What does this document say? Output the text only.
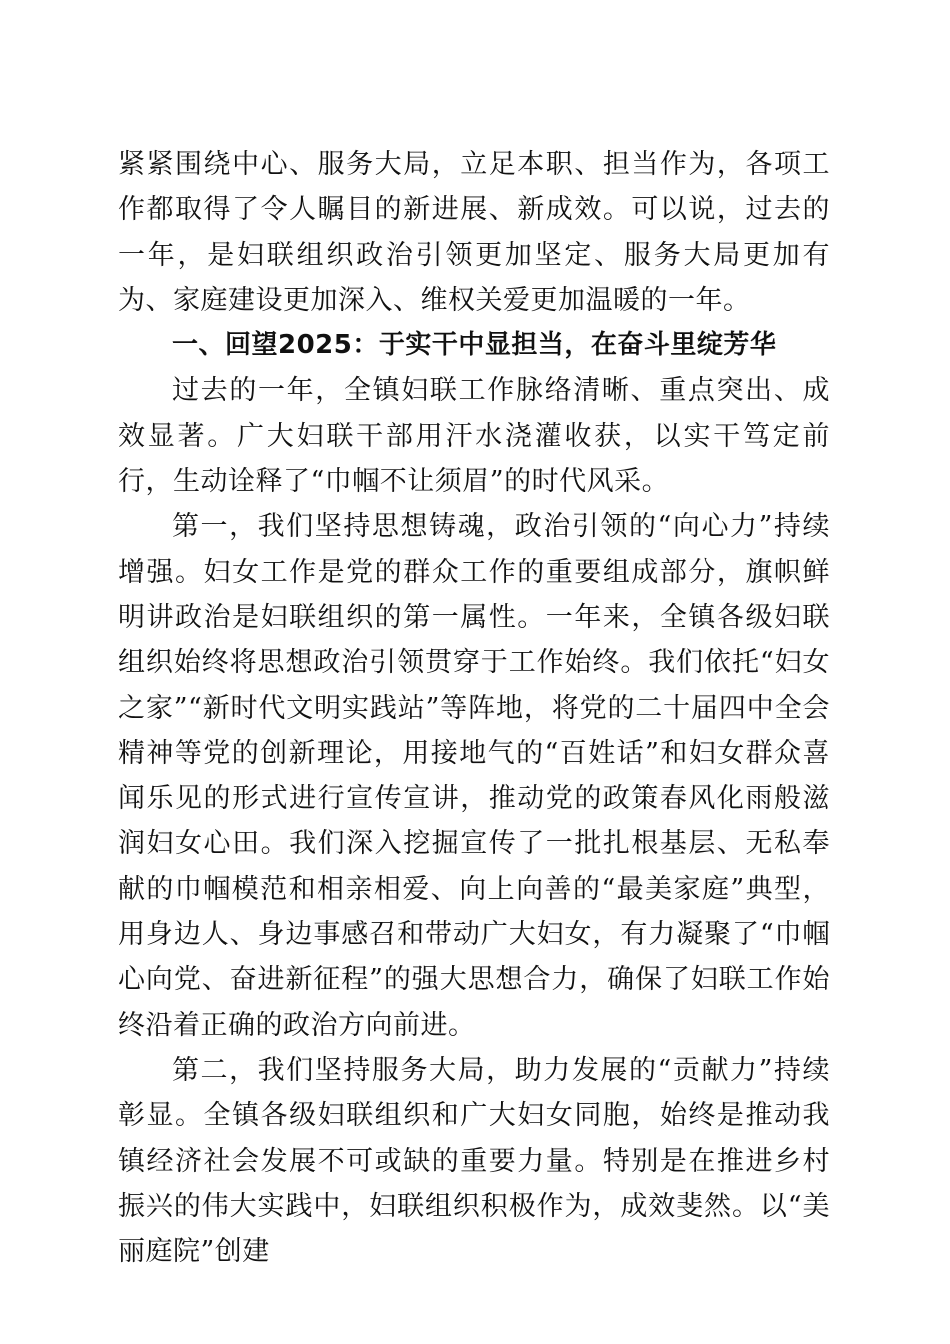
紧紧围绕中心、服务大局，立足本职、担当作为，各项工作都取得了令人瞩目的新进展、新成效。可以说，过去的一年，是妇联组织政治引领更加坚定、服务大局更加有为、家庭建设更加深入、维权关爱更加温暖的一年。

一、回望2025：于实干中显担当，在奋斗里绽芳华

过去的一年，全镇妇联工作脉络清晰、重点突出、成效显著。广大妇联干部用汗水浇灌收获，以实干笃定前行，生动诠释了“巾帼不让须眉”的时代风采。

第一，我们坚持思想铸魂，政治引领的“向心力”持续增强。妇女工作是党的群众工作的重要组成部分，旗帜鲜明讲政治是妇联组织的第一属性。一年来，全镇各级妇联组织始终将思想政治引领贯穿于工作始终。我们依托“妇女之家”“新时代文明实践站”等阵地，将党的二十届四中全会精神等党的创新理论，用接地气的“百姓话”和妇女群众喜闻乐见的形式进行宣传宣讲，推动党的政策春风化雨般滋润妇女心田。我们深入挖掘宣传了一批扎根基层、无私奉献的巾帼模范和相亲相爱、向上向善的“最美家庭”典型，用身边人、身边事感召和带动广大妇女，有力凝聚了“巾帼心向党、奋进新征程”的强大思想合力，确保了妇联工作始终沿着正确的政治方向前进。

第二，我们坚持服务大局，助力发展的“贡献力”持续彰显。全镇各级妇联组织和广大妇女同胞，始终是推动我镇经济社会发展不可或缺的重要力量。特别是在推进乡村振兴的伟大实践中，妇联组织积极作为，成效斐然。以“美丽庭院”创建
